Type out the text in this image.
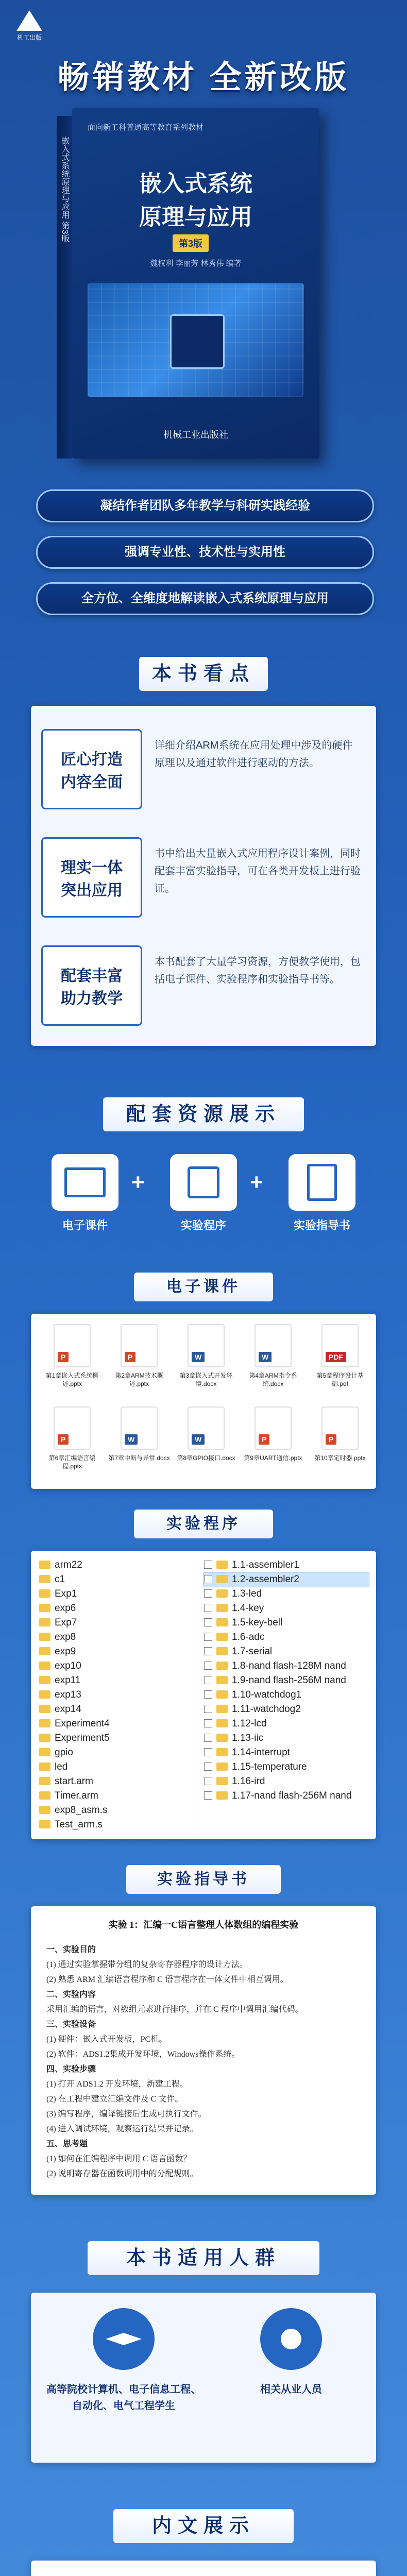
机工出版
畅销教材 全新改版
面向新工科普通高等教育系列教材
嵌入式系统
原理与应用
第3版
魏权利 李丽芳 林秀伟 编著
机械工业出版社
嵌入式系统原理与应用 第3版
凝结作者团队多年教学与科研实践经验
强调专业性、技术性与实用性
全方位、全维度地解读嵌入式系统原理与应用
本书看点
匠心打造
内容全面
详细介绍ARM系统在应用处理中涉及的硬件原理以及通过软件进行驱动的方法。
理实一体
突出应用
书中给出大量嵌入式应用程序设计案例，同时配套丰富实验指导，可在各类开发板上进行验证。
配套丰富
助力教学
本书配套了大量学习资源，方便教学使用，包括电子课件、实验程序和实验指导书等。
配套资源展示
电子课件
+
实验程序
+
实验指导书
电子课件
P
第1章嵌入式系统概述.pptx
P
第2章ARM技术概述.pptx
W
第3章嵌入式开发环境.docx
W
第4章ARM指令系统.docx
PDF
第5章程序设计基础.pdf
P
第6章汇编语言编程.pptx
W
第7章中断与异常.docx
W
第8章GPIO接口.docx
P
第9章UART通信.pptx
P
第10章定时器.pptx
实验程序
arm22
c1
Exp1
exp6
Exp7
exp8
exp9
exp10
exp11
exp13
exp14
Experiment4
Experiment5
gpio
led
start.arm
Timer.arm
exp8_asm.s
Test_arm.s
1.1-assembler1
1.2-assembler2
1.3-led
1.4-key
1.5-key-bell
1.6-adc
1.7-serial
1.8-nand flash-128M nand
1.9-nand flash-256M nand
1.10-watchdog1
1.11-watchdog2
1.12-lcd
1.13-iic
1.14-interrupt
1.15-temperature
1.16-ird
1.17-nand flash-256M nand
实验指导书
实验 1：汇编一C语言整理人体数组的编程实验
一、实验目的
(1) 通过实验掌握带分组的复杂寄存器程序的设计方法。
(2) 熟悉 ARM 汇编语言程序和 C 语言程序在一体文件中相互调用。
二、实验内容
采用汇编的语言，对数组元素进行排序，并在 C 程序中调用汇编代码。
三、实验设备
(1) 硬件：嵌入式开发板，PC机。
(2) 软件：ADS1.2集成开发环境，Windows操作系统。
四、实验步骤
(1) 打开 ADS1.2 开发环境，新建工程。
(2) 在工程中建立汇编文件及 C 文件。
(3) 编写程序，编译链接后生成可执行文件。
(4) 进入调试环境，观察运行结果并记录。
五、思考题
(1) 如何在汇编程序中调用 C 语言函数？
(2) 说明寄存器在函数调用中的分配规则。
本书适用人群
高等院校计算机、电子信息工程、自动化、电气工程学生
相关从业人员
内文展示
